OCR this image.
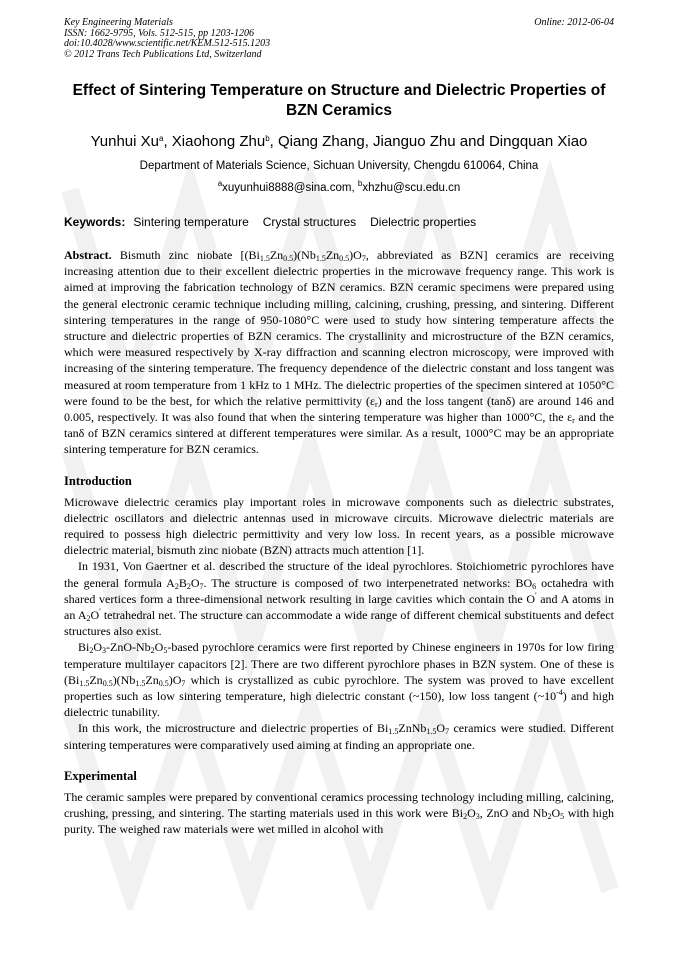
Key Engineering Materials
ISSN: 1662-9795, Vols. 512-515, pp 1203-1206
doi:10.4028/www.scientific.net/KEM.512-515.1203
© 2012 Trans Tech Publications Ltd, Switzerland
Online: 2012-06-04
Effect of Sintering Temperature on Structure and Dielectric Properties of BZN Ceramics
Yunhui Xu$^a$, Xiaohong Zhu$^b$, Qiang Zhang, Jianguo Zhu and Dingquan Xiao
Department of Materials Science, Sichuan University, Chengdu 610064, China
$^a$xuyunhui8888@sina.com, $^b$xhzhu@scu.edu.cn
Keywords: Sintering temperature Crystal structures Dielectric properties
Abstract. Bismuth zinc niobate [$(Bi_{1.5}Zn_{0.5})(Nb_{1.5}Zn_{0.5})O_7$, abbreviated as BZN] ceramics are receiving increasing attention due to their excellent dielectric properties in the microwave frequency range. This work is aimed at improving the fabrication technology of BZN ceramics. BZN ceramic specimens were prepared using the general electronic ceramic technique including milling, calcining, crushing, pressing, and sintering. Different sintering temperatures in the range of 950-1080°C were used to study how sintering temperature affects the structure and dielectric properties of BZN ceramics. The crystallinity and microstructure of the BZN ceramics, which were measured respectively by X-ray diffraction and scanning electron microscopy, were improved with increasing of the sintering temperature. The frequency dependence of the dielectric constant and loss tangent was measured at room temperature from 1 kHz to 1 MHz. The dielectric properties of the specimen sintered at 1050°C were found to be the best, for which the relative permittivity $(\varepsilon_r)$ and the loss tangent (tanδ) are around 146 and 0.005, respectively. It was also found that when the sintering temperature was higher than 1000°C, the $\varepsilon_r$ and the tanδ of BZN ceramics sintered at different temperatures were similar. As a result, 1000°C may be an appropriate sintering temperature for BZN ceramics.
Introduction
Microwave dielectric ceramics play important roles in microwave components such as dielectric substrates, dielectric oscillators and dielectric antennas used in microwave circuits. Microwave dielectric materials are required to possess high dielectric permittivity and very low loss. In recent years, as a possible microwave dielectric material, bismuth zinc niobate (BZN) attracts much attention [1].
In 1931, Von Gaertner et al. described the structure of the ideal pyrochlores. Stoichiometric pyrochlores have the general formula $A_2B_2O_7$. The structure is composed of two interpenetrated networks: $BO_6$ octahedra with shared vertices form a three-dimensional network resulting in large cavities which contain the O' and A atoms in an $A_2O'$ tetrahedral net. The structure can accommodate a wide range of different chemical substituents and defect structures also exist.
$Bi_2O_3-ZnO-Nb_2O_5$-based pyrochlore ceramics were first reported by Chinese engineers in 1970s for low firing temperature multilayer capacitors [2]. There are two different pyrochlore phases in BZN system. One of these is $(Bi_{1.5}Zn_{0.5})(Nb_{1.5}Zn_{0.5})O_7$ which is crystallized as cubic pyrochlore. The system was proved to have excellent properties such as low sintering temperature, high dielectric constant (~150), low loss tangent $(\sim 10^{-4})$ and high dielectric tunability.
In this work, the microstructure and dielectric properties of $Bi_{1.5}ZnNb_{1.5}O_7$ ceramics were studied. Different sintering temperatures were comparatively used aiming at finding an appropriate one.
Experimental
The ceramic samples were prepared by conventional ceramics processing technology including milling, calcining, crushing, pressing, and sintering. The starting materials used in this work were $Bi_2O_3$, ZnO and $Nb_2O_5$ with high purity. The weighed raw materials were wet milled in alcohol with
